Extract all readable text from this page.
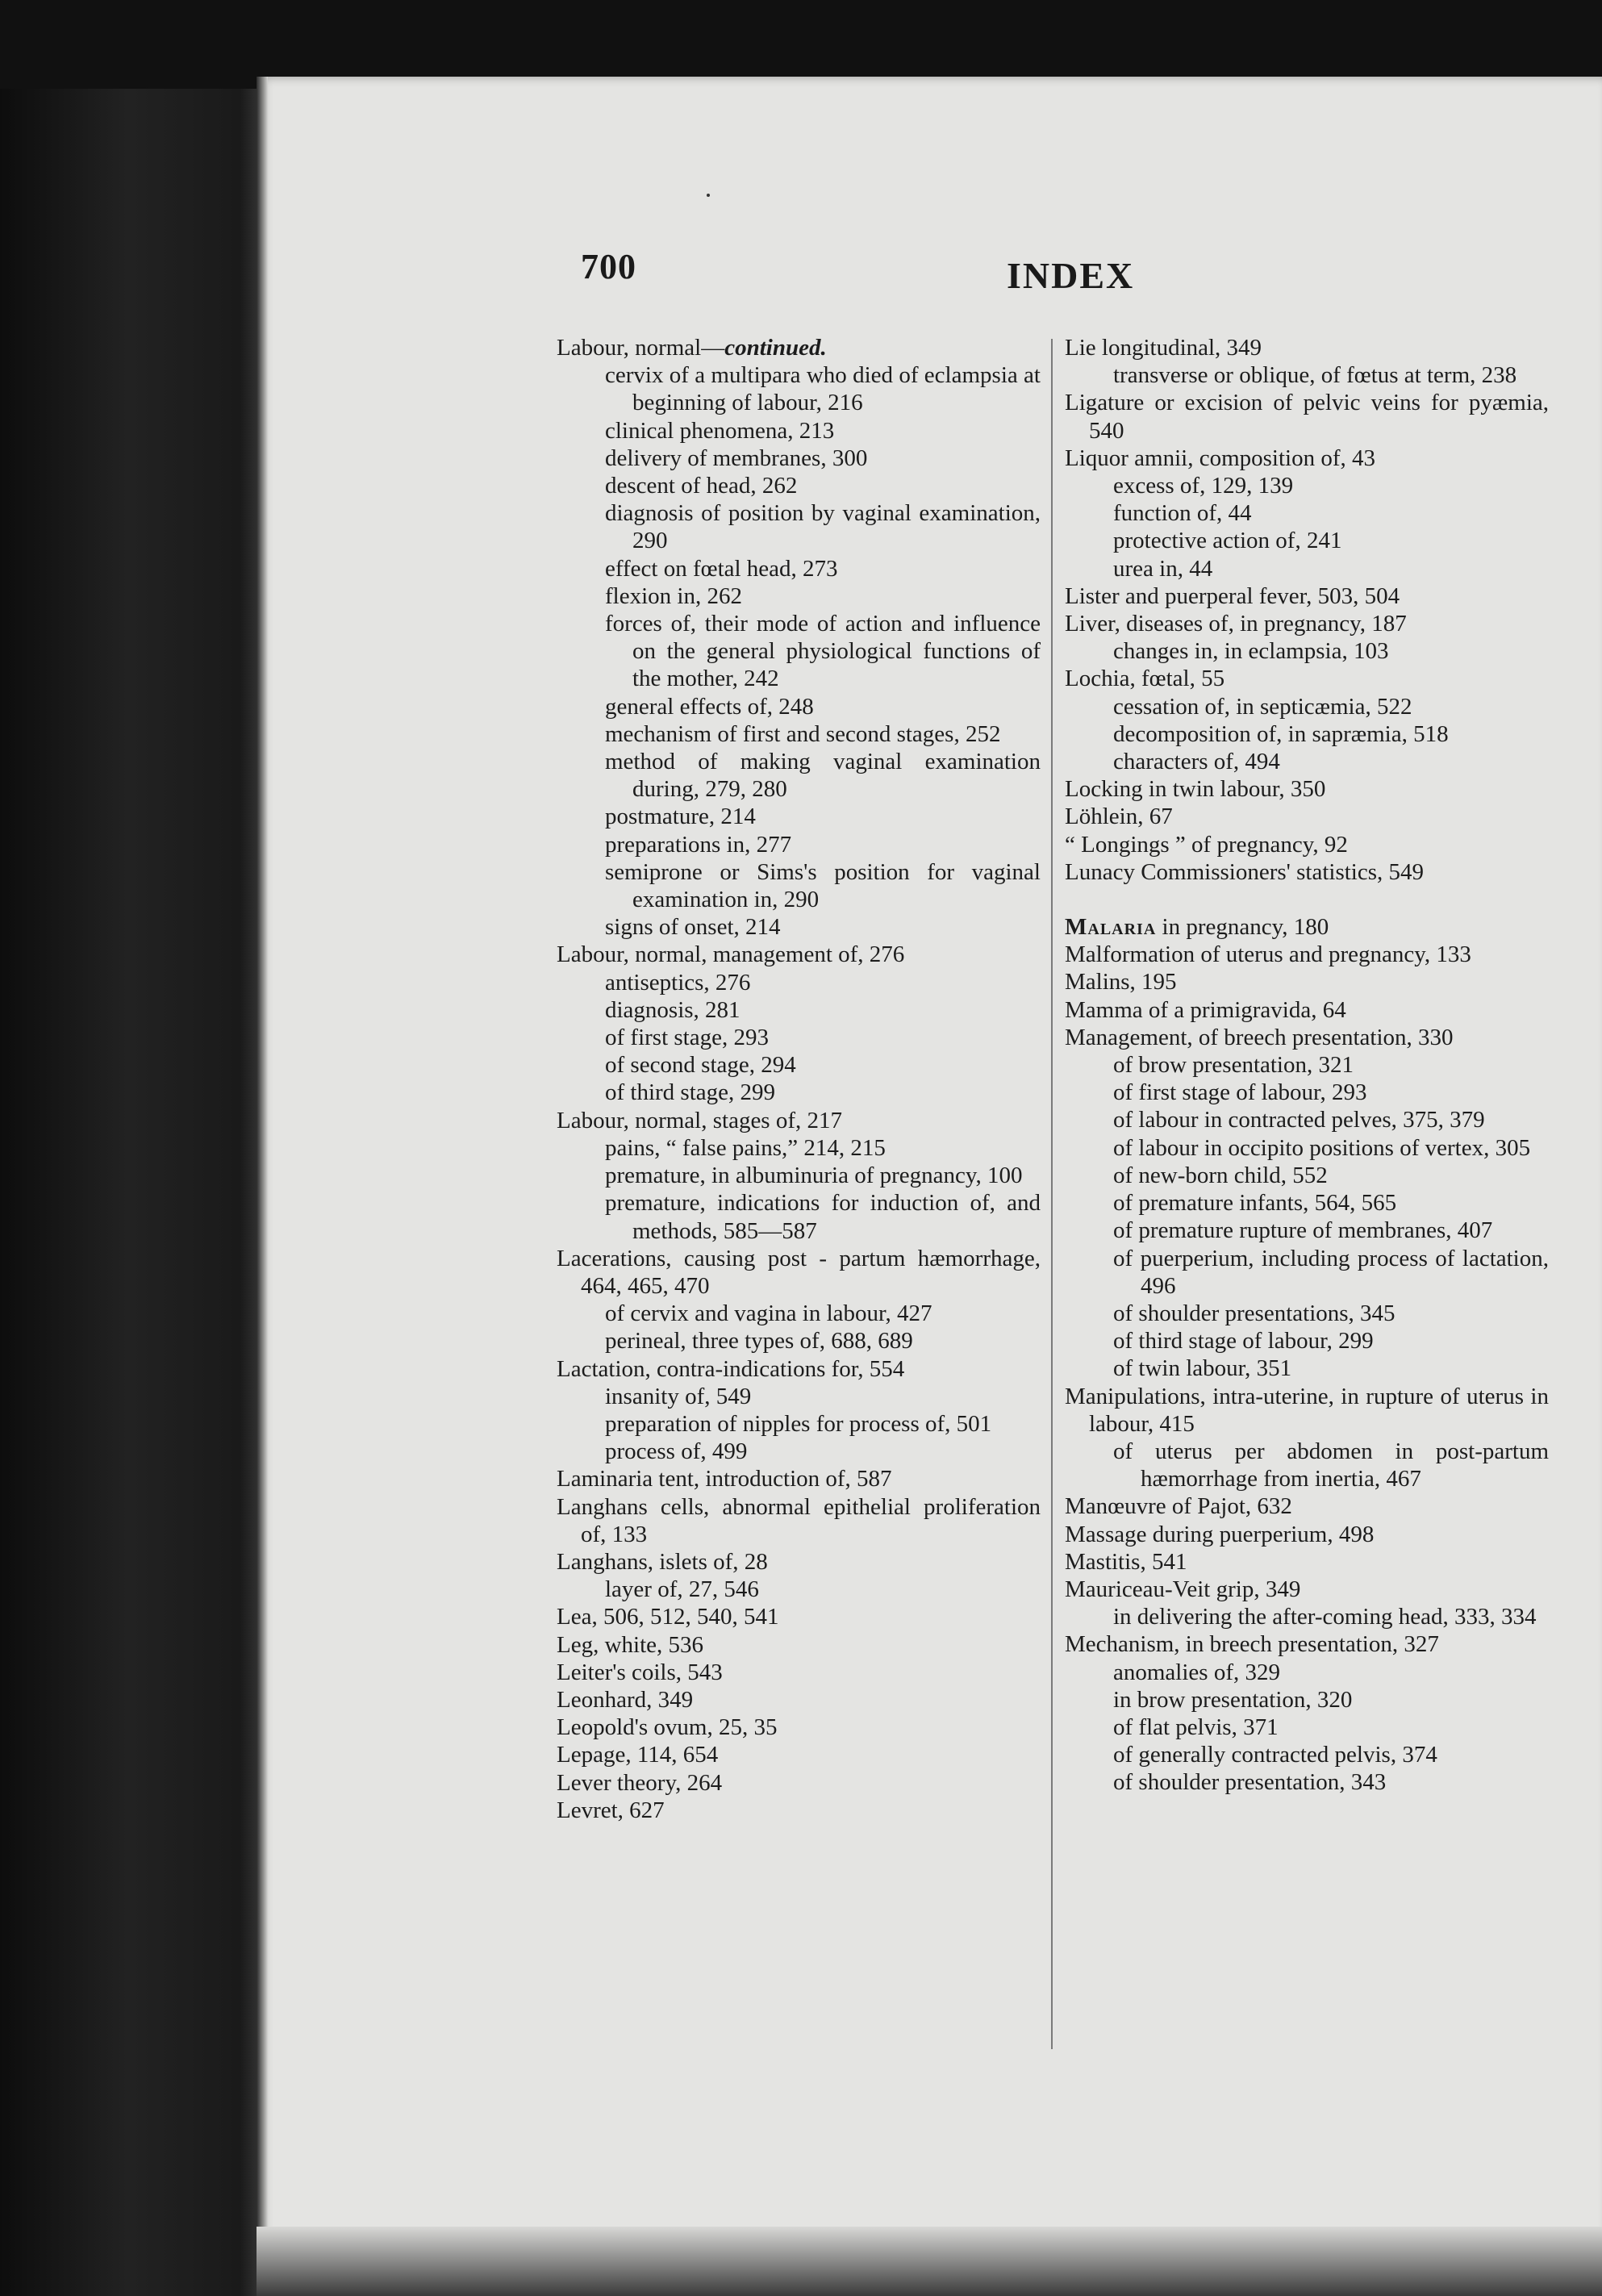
700	INDEX
Labour, normal—continued.
cervix of a multipara who died of eclampsia at beginning of labour, 216
clinical phenomena, 213
delivery of membranes, 300
descent of head, 262
diagnosis of position by vaginal examination, 290
effect on fœtal head, 273
flexion in, 262
forces of, their mode of action and influence on the general physiological functions of the mother, 242
general effects of, 248
mechanism of first and second stages, 252
method of making vaginal examination during, 279, 280
postmature, 214
preparations in, 277
semiprone or Sims's position for vaginal examination in, 290
signs of onset, 214
Labour, normal, management of, 276
antiseptics, 276
diagnosis, 281
of first stage, 293
of second stage, 294
of third stage, 299
Labour, normal, stages of, 217
pains, “ false pains,” 214, 215
premature, in albuminuria of pregnancy, 100
premature, indications for induction of, and methods, 585—587
Lacerations, causing post - partum hæmorrhage, 464, 465, 470
of cervix and vagina in labour, 427
perineal, three types of, 688, 689
Lactation, contra-indications for, 554
insanity of, 549
preparation of nipples for process of, 501
process of, 499
Laminaria tent, introduction of, 587
Langhans cells, abnormal epithelial proliferation of, 133
Langhans, islets of, 28
layer of, 27, 546
Lea, 506, 512, 540, 541
Leg, white, 536
Leiter's coils, 543
Leonhard, 349
Leopold's ovum, 25, 35
Lepage, 114, 654
Lever theory, 264
Levret, 627
Lie longitudinal, 349
transverse or oblique, of fœtus at term, 238
Ligature or excision of pelvic veins for pyæmia, 540
Liquor amnii, composition of, 43
excess of, 129, 139
function of, 44
protective action of, 241
urea in, 44
Lister and puerperal fever, 503, 504
Liver, diseases of, in pregnancy, 187
changes in, in eclampsia, 103
Lochia, fœtal, 55
cessation of, in septicæmia, 522
decomposition of, in sapræmia, 518
characters of, 494
Locking in twin labour, 350
Löhlein, 67
“ Longings ” of pregnancy, 92
Lunacy Commissioners' statistics, 549
Malaria in pregnancy, 180
Malformation of uterus and pregnancy, 133
Malins, 195
Mamma of a primigravida, 64
Management, of breech presentation, 330
of brow presentation, 321
of first stage of labour, 293
of labour in contracted pelves, 375, 379
of labour in occipito positions of vertex, 305
of new-born child, 552
of premature infants, 564, 565
of premature rupture of membranes, 407
of puerperium, including process of lactation, 496
of shoulder presentations, 345
of third stage of labour, 299
of twin labour, 351
Manipulations, intra-uterine, in rupture of uterus in labour, 415
of uterus per abdomen in post-partum hæmorrhage from inertia, 467
Manœuvre of Pajot, 632
Massage during puerperium, 498
Mastitis, 541
Mauriceau-Veit grip, 349
in delivering the after-coming head, 333, 334
Mechanism, in breech presentation, 327
anomalies of, 329
in brow presentation, 320
of flat pelvis, 371
of generally contracted pelvis, 374
of shoulder presentation, 343
